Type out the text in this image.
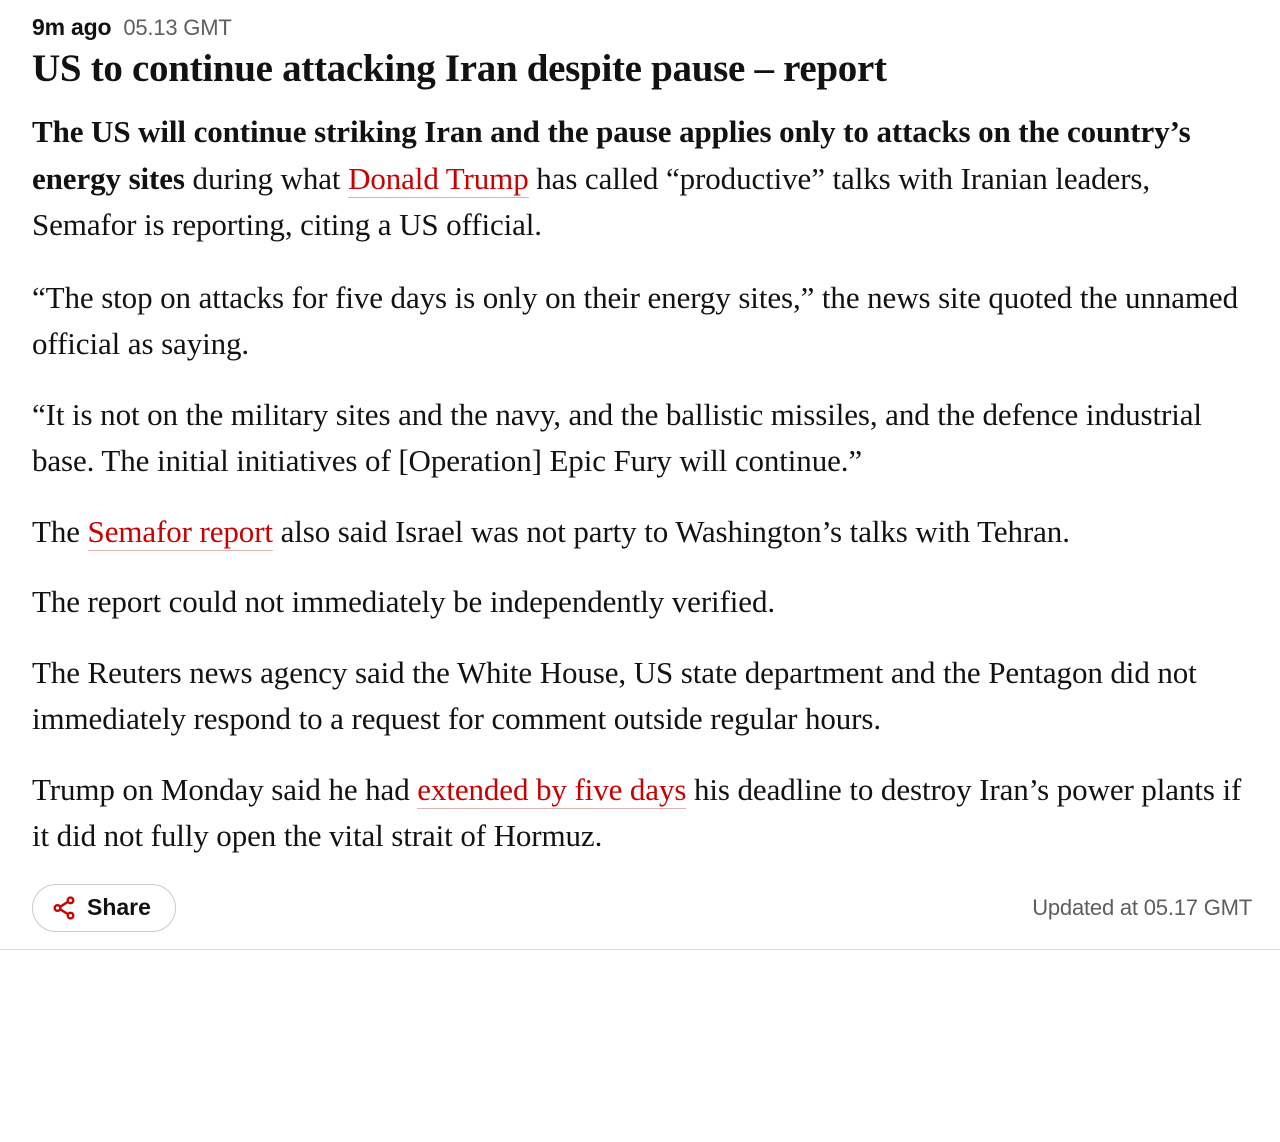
9m ago 05.13 GMT
US to continue attacking Iran despite pause – report

The US will continue striking Iran and the pause applies only to attacks on the country’s energy sites during what Donald Trump has called “productive” talks with Iranian leaders, Semafor is reporting, citing a US official.

“The stop on attacks for five days is only on their energy sites,” the news site quoted the unnamed official as saying.

“It is not on the military sites and the navy, and the ballistic missiles, and the defence industrial base. The initial initiatives of [Operation] Epic Fury will continue.”

The Semafor report also said Israel was not party to Washington’s talks with Tehran.

The report could not immediately be independently verified.

The Reuters news agency said the White House, US state department and the Pentagon did not immediately respond to a request for comment outside regular hours.

Trump on Monday said he had extended by five days his deadline to destroy Iran’s power plants if it did not fully open the vital strait of Hormuz.

Share	Updated at 05.17 GMT
